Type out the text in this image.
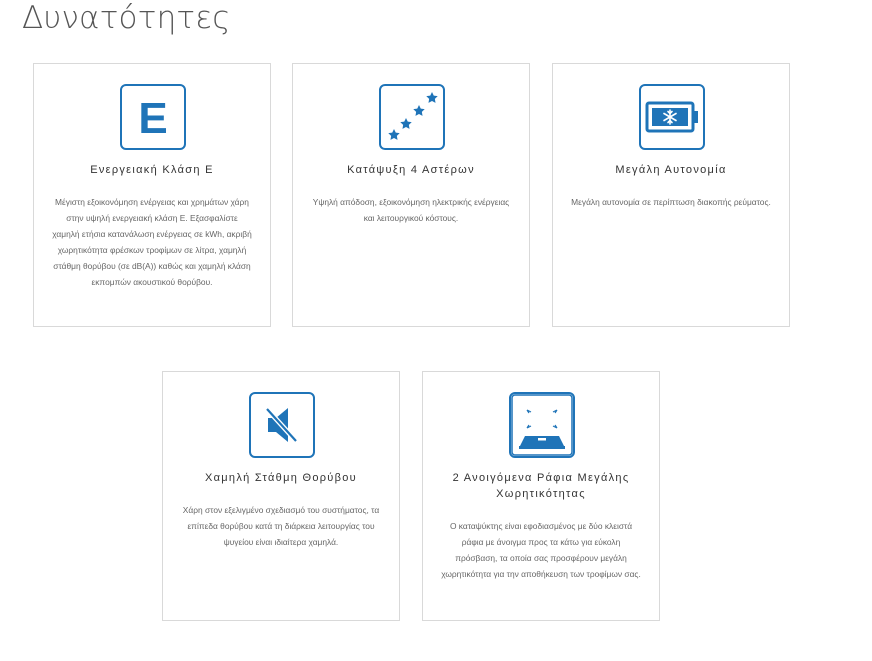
Δυνατότητες
E
Ενεργειακή Κλάση Ε
Μέγιστη εξοικονόμηση ενέργειας και χρημάτων χάρη στην υψηλή ενεργειακή κλάση Ε. Εξασφαλίστε χαμηλή ετήσια κατανάλωση ενέργειας σε kWh, ακριβή χωρητικότητα φρέσκων τροφίμων σε λίτρα, χαμηλή στάθμη θορύβου (σε dB(A)) καθώς και χαμηλή κλάση εκπομπών ακουστικού θορύβου.
Κατάψυξη 4 Αστέρων
Υψηλή απόδοση, εξοικονόμηση ηλεκτρικής ενέργειας και λειτουργικού κόστους.
Μεγάλη Αυτονομία
Μεγάλη αυτονομία σε περίπτωση διακοπής ρεύματος.
Χαμηλή Στάθμη Θορύβου
Χάρη στον εξελιγμένο σχεδιασμό του συστήματος, τα επίπεδα θορύβου κατά τη διάρκεια λειτουργίας του ψυγείου είναι ιδιαίτερα χαμηλά.
2 Ανοιγόμενα Ράφια Μεγάλης Χωρητικότητας
Ο καταψύκτης είναι εφοδιασμένος με δύο κλειστά ράφια με άνοιγμα προς τα κάτω για εύκολη πρόσβαση, τα οποία σας προσφέρουν μεγάλη χωρητικότητα για την αποθήκευση των τροφίμων σας.
